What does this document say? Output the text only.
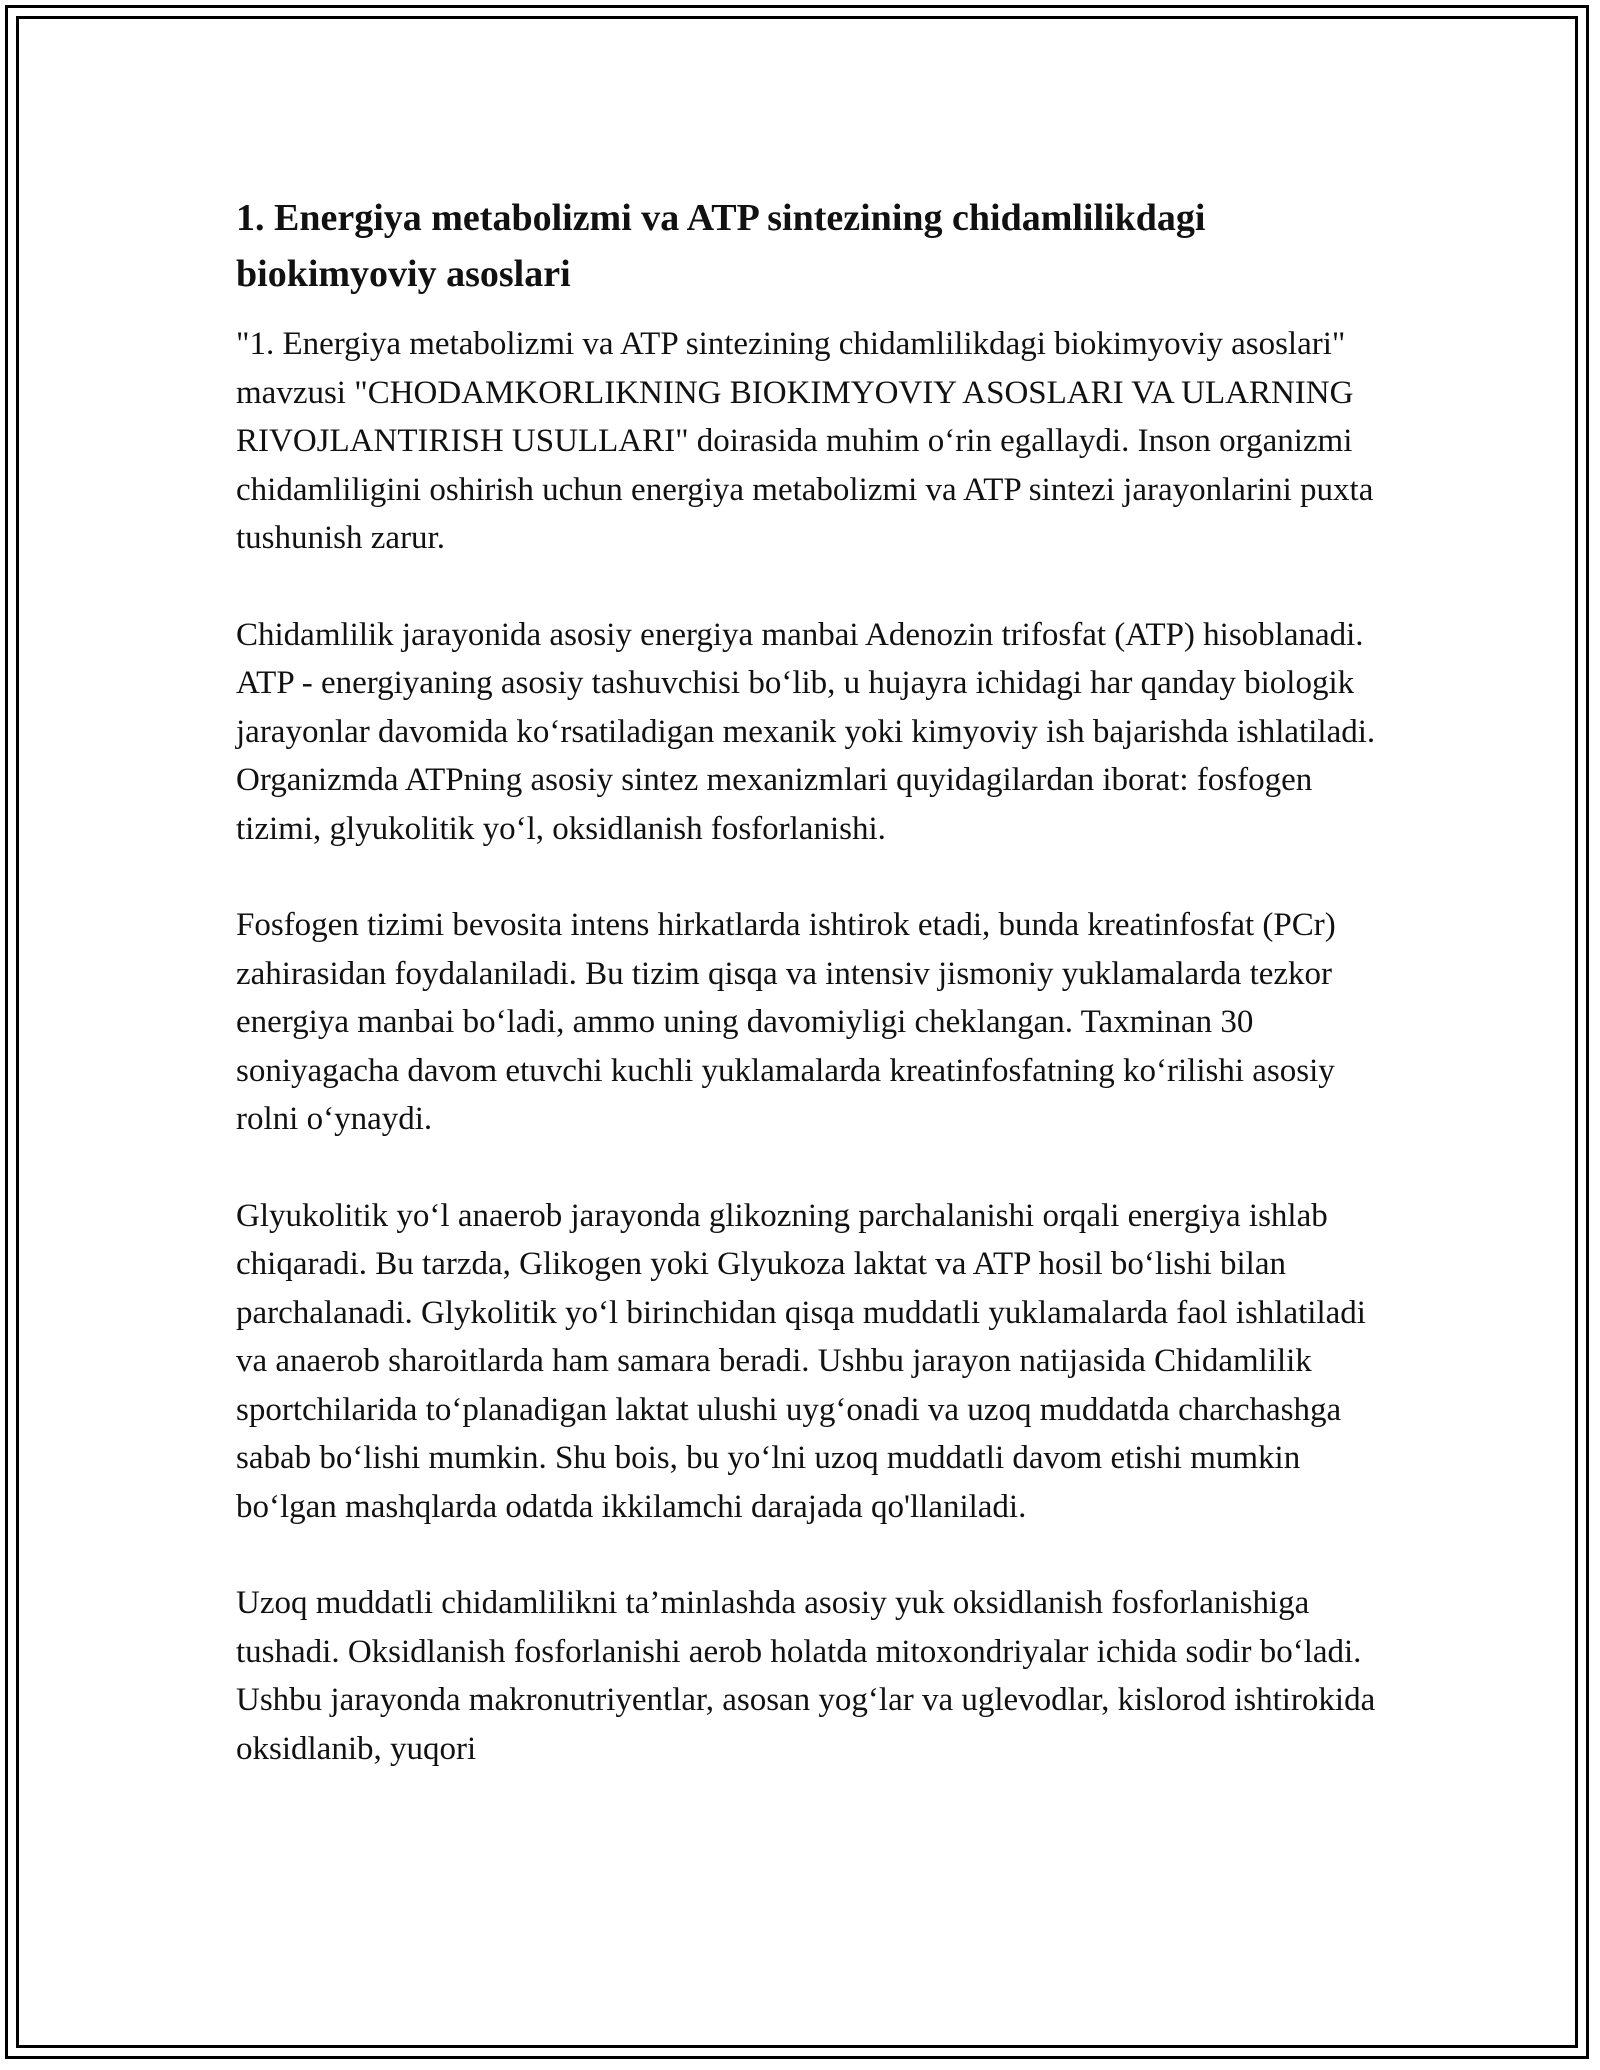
1. Energiya metabolizmi va ATP sintezining chidamlilikdagi biokimyoviy asoslari

"1. Energiya metabolizmi va ATP sintezining chidamlilikdagi biokimyoviy asoslari" mavzusi "CHODAMKORLIKNING BIOKIMYOVIY ASOSLARI VA ULARNING RIVOJLANTIRISH USULLARI" doirasida muhim o‘rin egallaydi. Inson organizmi chidamliligini oshirish uchun energiya metabolizmi va ATP sintezi jarayonlarini puxta tushunish zarur.

Chidamlilik jarayonida asosiy energiya manbai Adenozin trifosfat (ATP) hisoblanadi. ATP - energiyaning asosiy tashuvchisi bo‘lib, u hujayra ichidagi har qanday biologik jarayonlar davomida ko‘rsatiladigan mexanik yoki kimyoviy ish bajarishda ishlatiladi. Organizmda ATPning asosiy sintez mexanizmlari quyidagilardan iborat: fosfogen tizimi, glyukolitik yo‘l, oksidlanish fosforlanishi.

Fosfogen tizimi bevosita intens hirkatlarda ishtirok etadi, bunda kreatinfosfat (PCr) zahirasidan foydalaniladi. Bu tizim qisqa va intensiv jismoniy yuklamalarda tezkor energiya manbai bo‘ladi, ammo uning davomiyligi cheklangan. Taxminan 30 soniyagacha davom etuvchi kuchli yuklamalarda kreatinfosfatning ko‘rilishi asosiy rolni o‘ynaydi.

Glyukolitik yo‘l anaerob jarayonda glikozning parchalanishi orqali energiya ishlab chiqaradi. Bu tarzda, Glikogen yoki Glyukoza laktat va ATP hosil bo‘lishi bilan parchalanadi. Glykolitik yo‘l birinchidan qisqa muddatli yuklamalarda faol ishlatiladi va anaerob sharoitlarda ham samara beradi. Ushbu jarayon natijasida Chidamlilik sportchilarida to‘planadigan laktat ulushi uyg‘onadi va uzoq muddatda charchashga sabab bo‘lishi mumkin. Shu bois, bu yo‘lni uzoq muddatli davom etishi mumkin bo‘lgan mashqlarda odatda ikkilamchi darajada qo'llaniladi.

Uzoq muddatli chidamlilikni ta’minlashda asosiy yuk oksidlanish fosforlanishiga tushadi. Oksidlanish fosforlanishi aerob holatda mitoxondriyalar ichida sodir bo‘ladi. Ushbu jarayonda makronutriyentlar, asosan yog‘lar va uglevodlar, kislorod ishtirokida oksidlanib, yuqori
